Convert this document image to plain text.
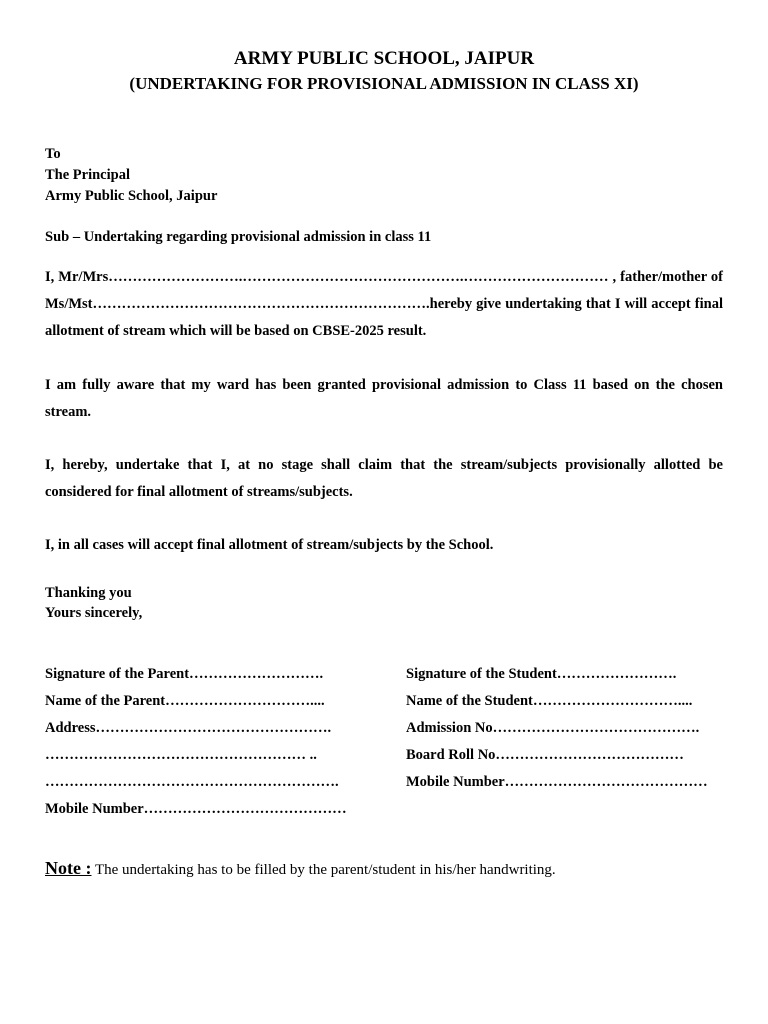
ARMY PUBLIC SCHOOL, JAIPUR
(UNDERTAKING FOR PROVISIONAL ADMISSION IN CLASS XI)
To
The Principal
Army Public School, Jaipur
Sub – Undertaking regarding provisional admission in class 11
I, Mr/Mrs……………………….……………………………………….………………………… , father/mother of Ms/Mst…………………………………………………………….hereby give undertaking that I will accept final allotment of stream which will be based on CBSE-2025 result.
I am fully aware that my ward has been granted provisional admission to Class 11 based on the chosen stream.
I, hereby, undertake that I, at no stage shall claim that the stream/subjects provisionally allotted be considered for final allotment of streams/subjects.
I, in all cases will accept final allotment of stream/subjects by the School.
Thanking you
Yours sincerely,
Signature of the Parent……………………….
Name of the Parent…………………………....
Address………………………………………….
……………………………………………… ..
…………………………………………………….
Mobile Number……………………………………
Signature of the Student…………………….
Name of the Student…………………………....
Admission No…………………………………….
Board Roll No…………………………………
Mobile Number……………………………………
Note : The undertaking has to be filled by the parent/student in his/her handwriting.
